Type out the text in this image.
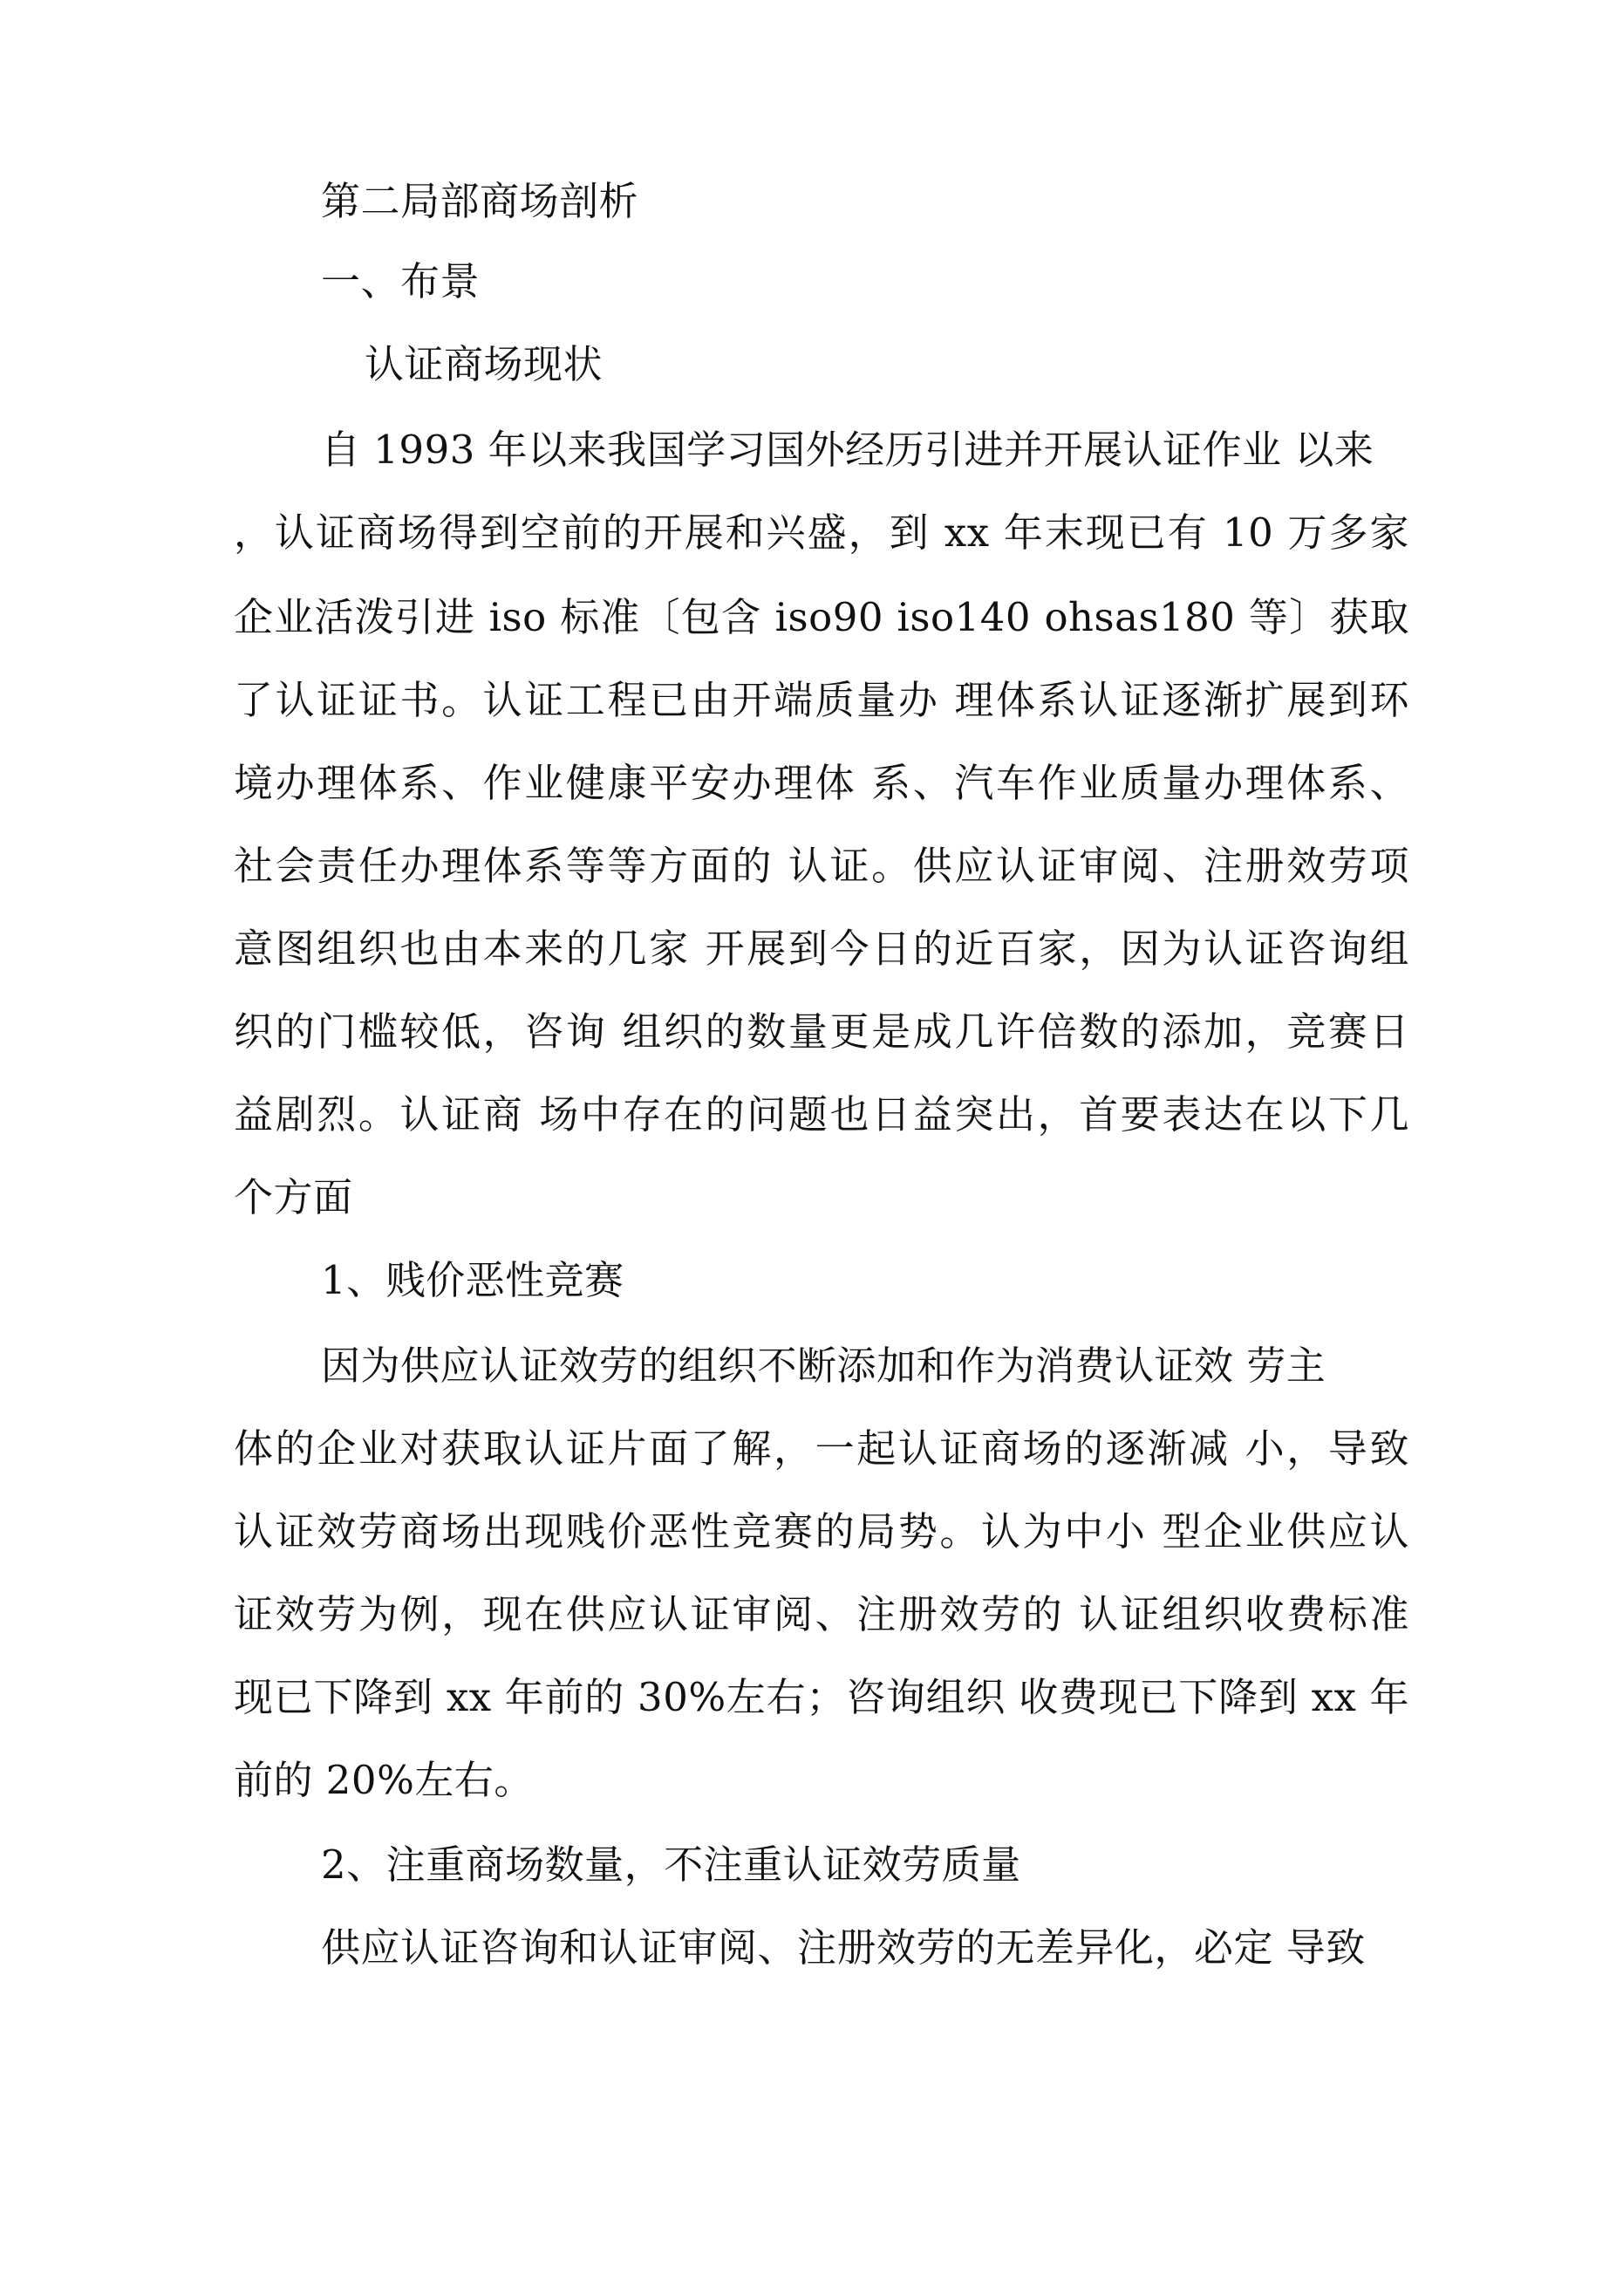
第二局部商场剖析
一、布景
认证商场现状
自 1993 年以来我国学习国外经历引进并开展认证作业 以来
，认证商场得到空前的开展和兴盛，到 xx 年末现已有 10 万多家
企业活泼引进 iso 标准〔包含 iso90 iso140 ohsas180 等〕获取
了认证证书。认证工程已由开端质量办 理体系认证逐渐扩展到环
境办理体系、作业健康平安办理体 系、汽车作业质量办理体系、
社会责任办理体系等等方面的 认证。供应认证审阅、注册效劳项
意图组织也由本来的几家 开展到今日的近百家，因为认证咨询组
织的门槛较低，咨询 组织的数量更是成几许倍数的添加，竞赛日
益剧烈。认证商 场中存在的问题也日益突出，首要表达在以下几
个方面
1、贱价恶性竞赛
因为供应认证效劳的组织不断添加和作为消费认证效 劳主
体的企业对获取认证片面了解，一起认证商场的逐渐减 小，导致
认证效劳商场出现贱价恶性竞赛的局势。认为中小 型企业供应认
证效劳为例，现在供应认证审阅、注册效劳的 认证组织收费标准
现已下降到 xx 年前的 30%左右；咨询组织 收费现已下降到 xx 年
前的 20%左右。
2、注重商场数量，不注重认证效劳质量
供应认证咨询和认证审阅、注册效劳的无差异化，必定 导致
